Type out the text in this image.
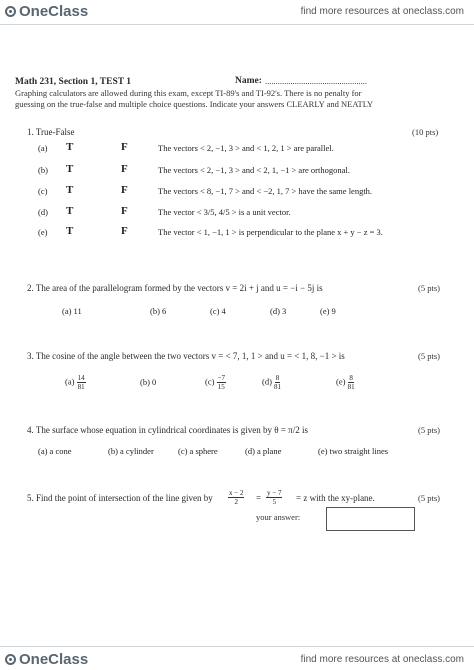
OneClass	find more resources at oneclass.com
Math 231, Section 1, TEST 1	Name: ................................................
Graphing calculators are allowed during this exam, except TI-89's and TI-92's. There is no penalty for
guessing on the true-false and multiple choice questions. Indicate your answers CLEARLY and NEATLY
1. True-False	(10 pts)
(a) T	F	The vectors < 2, −1, 3 > and < 1, 2, 1 > are parallel.
(b) T	F	The vectors < 2, −1, 3 > and < 2, 1, −1 > are orthogonal.
(c) T	F	The vectors < 8, −1, 7 > and < −2, 1, 7 > have the same length.
(d) T	F	The vector < 3/5, 4/5 > is a unit vector.
(e) T	F	The vector < 1, −1, 1 > is perpendicular to the plane x + y − z = 3.
2. The area of the parallelogram formed by the vectors v = 2i + j and u = −i − 5j is	(5 pts)
(a) 11	(b) 6	(c) 4	(d) 3	(e) 9
3. The cosine of the angle between the two vectors v = < 7, 1, 1 > and u = < 1, 8, −1 > is	(5 pts)
$(a) \frac{14}{81}$	(b) 0	$(c) \frac{-7}{15}$	$(d) \frac{8}{81}$	$(e) \frac{8}{81}$
4. The surface whose equation in cylindrical coordinates is given by θ = π/2 is	(5 pts)
(a) a cone	(b) a cylinder	(c) a sphere	(d) a plane	(e) two straight lines
5. Find the point of intersection of the line given by $\frac{x - 2}{2} = \frac{y - 7}{5} = z$ with the xy-plane.	(5 pts)
your answer:
OneClass	find more resources at oneclass.com
